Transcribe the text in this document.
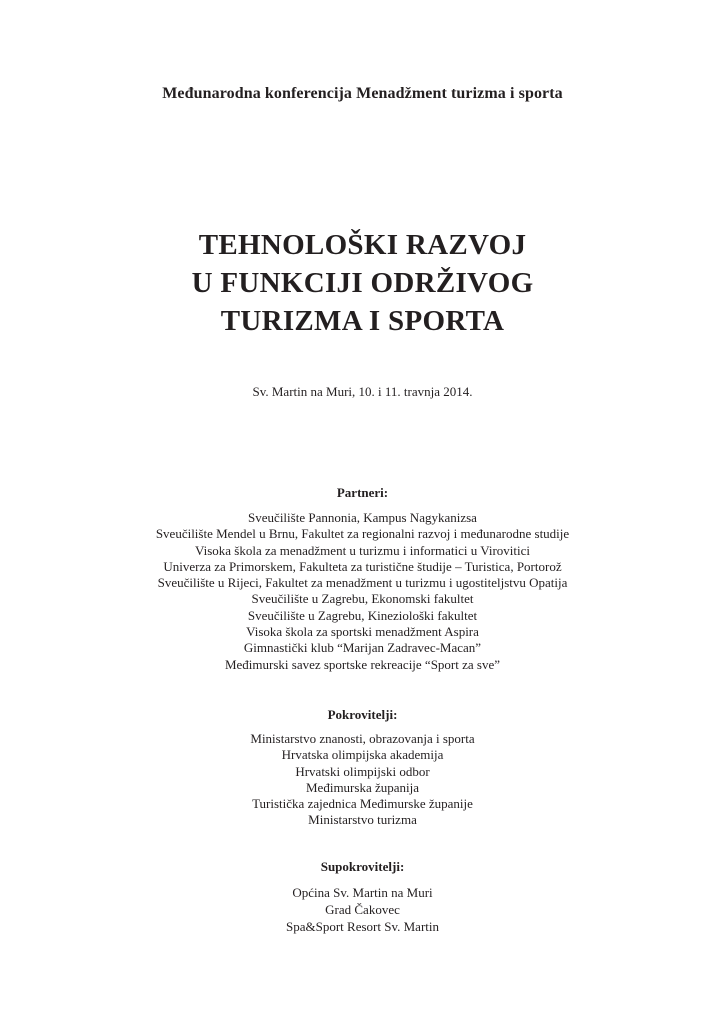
Međunarodna konferencija Menadžment turizma i sporta
TEHNOLOŠKI RAZVOJ
U FUNKCIJI ODRŽIVOG
TURIZMA I SPORTA
Sv. Martin na Muri, 10. i 11. travnja 2014.
Partneri:
Sveučilište Pannonia, Kampus Nagykanizsa
Sveučilište Mendel u Brnu, Fakultet za regionalni razvoj i međunarodne studije
Visoka škola za menadžment u turizmu i informatici u Virovitici
Univerza za Primorskem, Fakulteta za turistične študije – Turistica, Portorož
Sveučilište u Rijeci, Fakultet za menadžment u turizmu i ugostiteljstvu Opatija
Sveučilište u Zagrebu, Ekonomski fakultet
Sveučilište u Zagrebu, Kineziološki fakultet
Visoka škola za sportski menadžment Aspira
Gimnastički klub “Marijan Zadravec-Macan”
Međimurski savez sportske rekreacije “Sport za sve”
Pokrovitelji:
Ministarstvo znanosti, obrazovanja i sporta
Hrvatska olimpijska akademija
Hrvatski olimpijski odbor
Međimurska županija
Turistička zajednica Međimurske županije
Ministarstvo turizma
Supokrovitelji:
Općina Sv. Martin na Muri
Grad Čakovec
Spa&Sport Resort Sv. Martin
